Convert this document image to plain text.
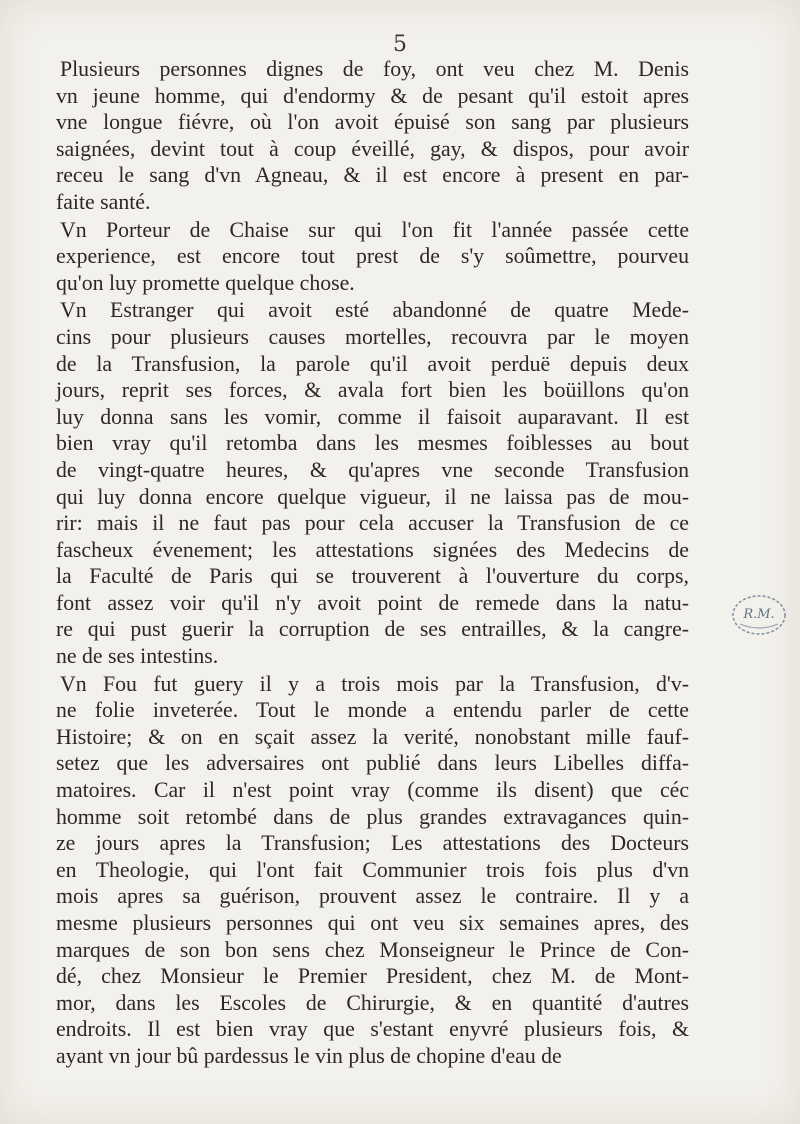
5
Plusieurs personnes dignes de foy, ont veu chez M. Denis
vn jeune homme, qui d'endormy & de pesant qu'il estoit apres
vne longue fiévre, où l'on avoit épuisé son sang par plusieurs
saignées, devint tout à coup éveillé, gay, & dispos, pour avoir
receu le sang d'vn Agneau, & il est encore à present en par-
faite santé.
Vn Porteur de Chaise sur qui l'on fit l'année passée cette
experience, est encore tout prest de s'y soûmettre, pourveu
qu'on luy promette quelque chose.
Vn Estranger qui avoit esté abandonné de quatre Mede-
cins pour plusieurs causes mortelles, recouvra par le moyen
de la Transfusion, la parole qu'il avoit perduë depuis deux
jours, reprit ses forces, & avala fort bien les boüillons qu'on
luy donna sans les vomir, comme il faisoit auparavant. Il est
bien vray qu'il retomba dans les mesmes foiblesses au bout
de vingt-quatre heures, & qu'apres vne seconde Transfusion
qui luy donna encore quelque vigueur, il ne laissa pas de mou-
rir: mais il ne faut pas pour cela accuser la Transfusion de ce
fascheux évenement; les attestations signées des Medecins de
la Faculté de Paris qui se trouverent à l'ouverture du corps,
font assez voir qu'il n'y avoit point de remede dans la natu-
re qui pust guerir la corruption de ses entrailles, & la cangre-
ne de ses intestins.
Vn Fou fut guery il y a trois mois par la Transfusion, d'v-
ne folie inveterée. Tout le monde a entendu parler de cette
Histoire; & on en sçait assez la verité, nonobstant mille fauf-
setez que les adversaires ont publié dans leurs Libelles diffa-
matoires. Car il n'est point vray (comme ils disent) que céc
homme soit retombé dans de plus grandes extravagances quin-
ze jours apres la Transfusion; Les attestations des Docteurs
en Theologie, qui l'ont fait Communier trois fois plus d'vn
mois apres sa guérison, prouvent assez le contraire. Il y a
mesme plusieurs personnes qui ont veu six semaines apres, des
marques de son bon sens chez Monseigneur le Prince de Con-
dé, chez Monsieur le Premier President, chez M. de Mont-
mor, dans les Escoles de Chirurgie, & en quantité d'autres
endroits. Il est bien vray que s'estant enyvré plusieurs fois, &
ayant vn jour bû pardessus le vin plus de chopine d'eau de
R.M.
